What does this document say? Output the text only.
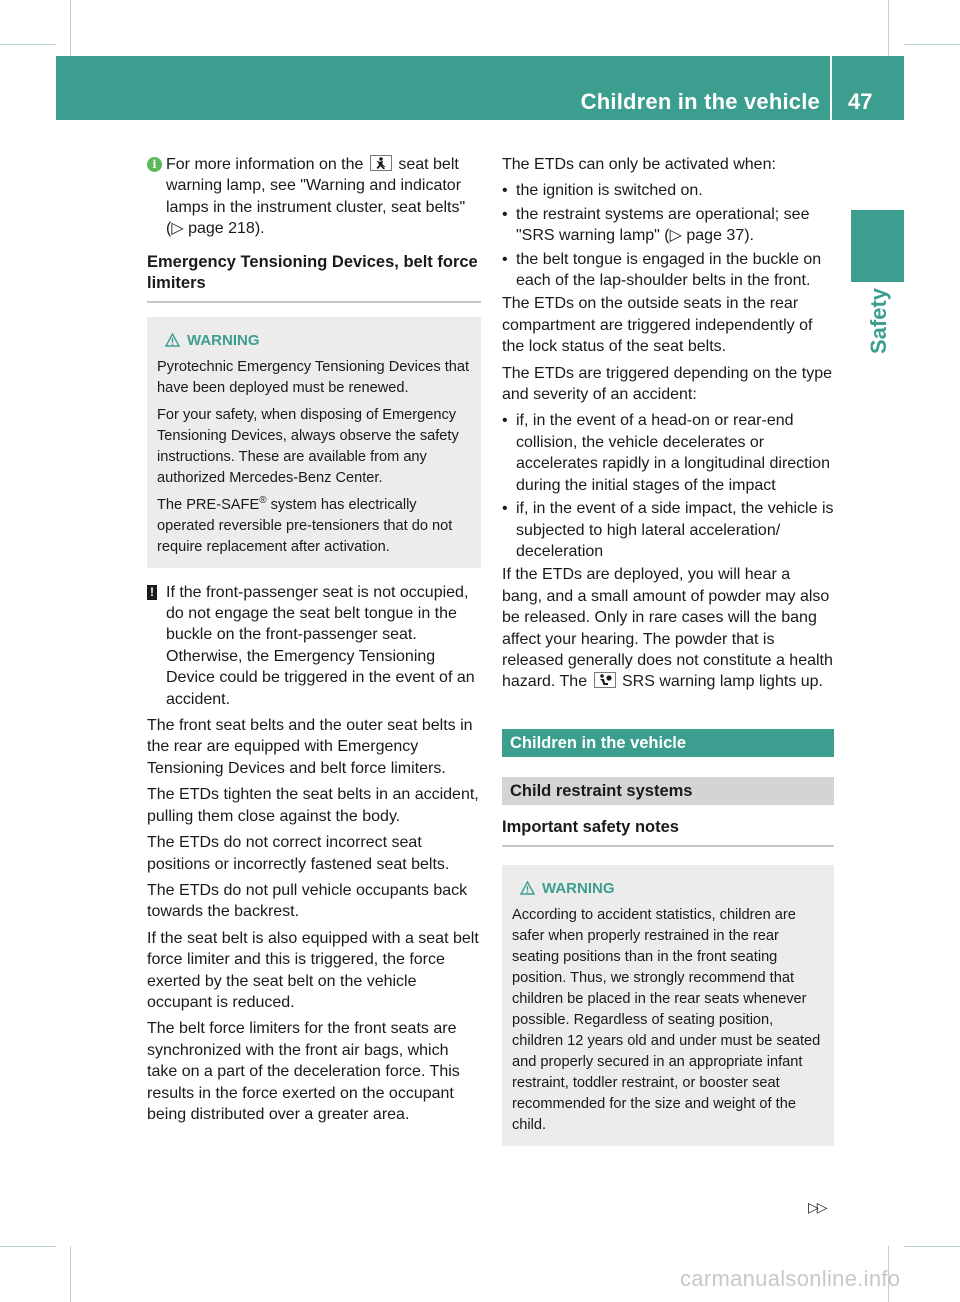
Children in the vehicle 47
Safety
i For more information on the seat belt warning lamp, see "Warning and indicator lamps in the instrument cluster, seat belts" (▷ page 218).
Emergency Tensioning Devices, belt force limiters
WARNING
Pyrotechnic Emergency Tensioning Devices that have been deployed must be renewed.
For your safety, when disposing of Emergency Tensioning Devices, always observe the safety instructions. These are available from any authorized Mercedes-Benz Center.
The PRE-SAFE® system has electrically operated reversible pre-tensioners that do not require replacement after activation.
! If the front-passenger seat is not occupied, do not engage the seat belt tongue in the buckle on the front-passenger seat. Otherwise, the Emergency Tensioning Device could be triggered in the event of an accident.
The front seat belts and the outer seat belts in the rear are equipped with Emergency Tensioning Devices and belt force limiters.
The ETDs tighten the seat belts in an accident, pulling them close against the body.
The ETDs do not correct incorrect seat positions or incorrectly fastened seat belts.
The ETDs do not pull vehicle occupants back towards the backrest.
If the seat belt is also equipped with a seat belt force limiter and this is triggered, the force exerted by the seat belt on the vehicle occupant is reduced.
The belt force limiters for the front seats are synchronized with the front air bags, which take on a part of the deceleration force. This results in the force exerted on the occupant being distributed over a greater area.
The ETDs can only be activated when:
• the ignition is switched on.
• the restraint systems are operational; see "SRS warning lamp" (▷ page 37).
• the belt tongue is engaged in the buckle on each of the lap-shoulder belts in the front.
The ETDs on the outside seats in the rear compartment are triggered independently of the lock status of the seat belts.
The ETDs are triggered depending on the type and severity of an accident:
• if, in the event of a head-on or rear-end collision, the vehicle decelerates or accelerates rapidly in a longitudinal direction during the initial stages of the impact
• if, in the event of a side impact, the vehicle is subjected to high lateral acceleration/ deceleration
If the ETDs are deployed, you will hear a bang, and a small amount of powder may also be released. Only in rare cases will the bang affect your hearing. The powder that is released generally does not constitute a health hazard. The SRS warning lamp lights up.
Children in the vehicle
Child restraint systems
Important safety notes
WARNING
According to accident statistics, children are safer when properly restrained in the rear seating positions than in the front seating position. Thus, we strongly recommend that children be placed in the rear seats whenever possible. Regardless of seating position, children 12 years old and under must be seated and properly secured in an appropriate infant restraint, toddler restraint, or booster seat recommended for the size and weight of the child.
▷▷
carmanualsonline.info
